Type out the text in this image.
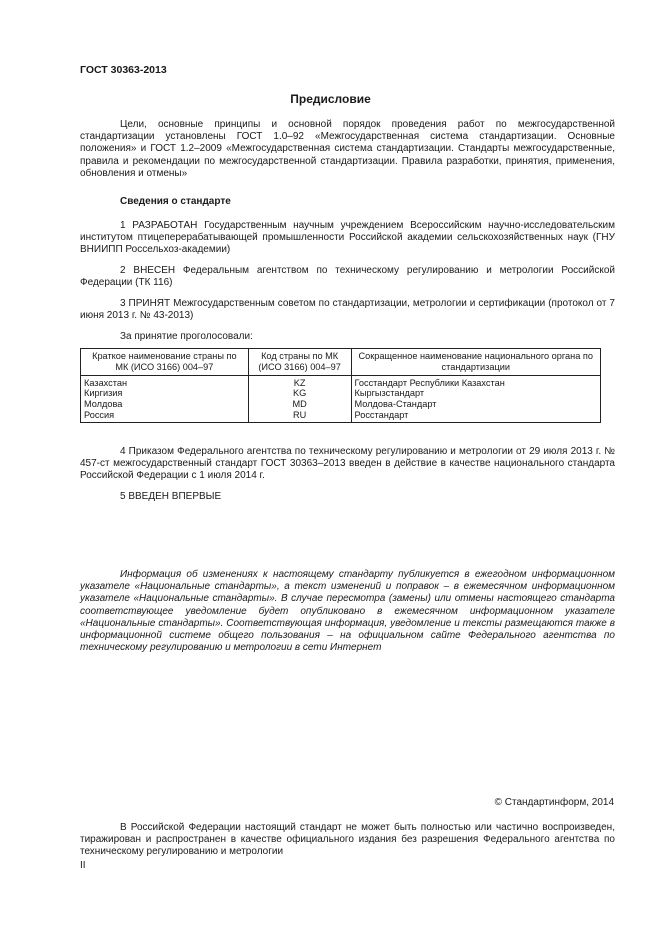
ГОСТ 30363-2013
Предисловие

Цели, основные принципы и основной порядок проведения работ по межгосударственной стандартизации установлены ГОСТ 1.0–92 «Межгосударственная система стандартизации. Основные положения» и ГОСТ 1.2–2009 «Межгосударственная система стандартизации. Стандарты межгосударственные, правила и рекомендации по межгосударственной стандартизации. Правила разработки, принятия, применения, обновления и отмены»

Сведения о стандарте

1 РАЗРАБОТАН Государственным научным учреждением Всероссийским научно-исследовательским институтом птицеперерабатывающей промышленности Российской академии сельскохозяйственных наук (ГНУ ВНИИПП Россельхоз-академии)

2 ВНЕСЕН Федеральным агентством по техническому регулированию и метрологии Российской Федерации (ТК 116)

3 ПРИНЯТ Межгосударственным советом по стандартизации, метрологии и сертификации (протокол от 7 июня 2013 г. № 43-2013)

За принятие проголосовали:
Краткое наименование страны по МК (ИСО 3166) 004–97	Код страны по МК (ИСО 3166) 004–97	Сокращенное наименование национального органа по стандартизации
Казахстан	KZ	Госстандарт Республики Казахстан
Киргизия	KG	Кыргызстандарт
Молдова	MD	Молдова-Стандарт
Россия	RU	Росстандарт

4 Приказом Федерального агентства по техническому регулированию и метрологии от 29 июля 2013 г. № 457-ст межгосударственный стандарт ГОСТ 30363–2013 введен в действие в качестве национального стандарта Российской Федерации с 1 июля 2014 г.

5 ВВЕДЕН ВПЕРВЫЕ

Информация об изменениях к настоящему стандарту публикуется в ежегодном информационном указателе «Национальные стандарты», а текст изменений и поправок – в ежемесячном информационном указателе «Национальные стандарты». В случае пересмотра (замены) или отмены настоящего стандарта соответствующее уведомление будет опубликовано в ежемесячном информационном указателе «Национальные стандарты». Соответствующая информация, уведомление и тексты размещаются также в информационной системе общего пользования – на официальном сайте Федерального агентства по техническому регулированию и метрологии в сети Интернет

© Стандартинформ, 2014

В Российской Федерации настоящий стандарт не может быть полностью или частично воспроизведен, тиражирован и распространен в качестве официального издания без разрешения Федерального агентства по техническому регулированию и метрологии

II
